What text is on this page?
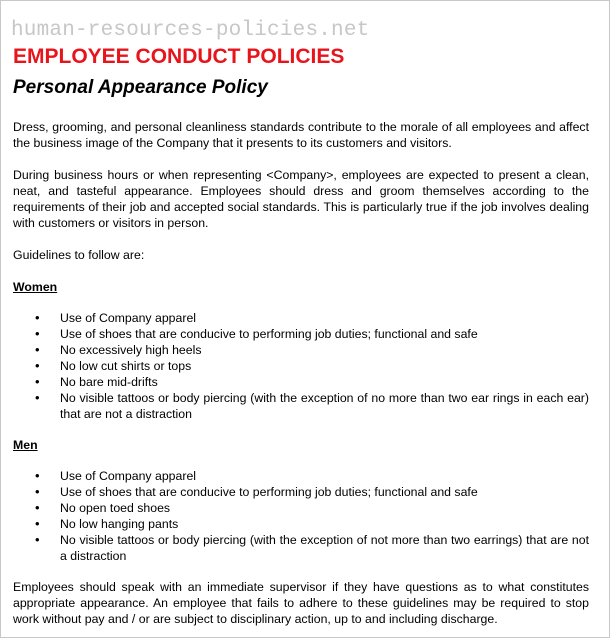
human-resources-policies.net
EMPLOYEE CONDUCT POLICIES
Personal Appearance Policy

Dress, grooming, and personal cleanliness standards contribute to the morale of all employees and affect the business image of the Company that it presents to its customers and visitors.

During business hours or when representing <Company>, employees are expected to present a clean, neat, and tasteful appearance. Employees should dress and groom themselves according to the requirements of their job and accepted social standards. This is particularly true if the job involves dealing with customers or visitors in person.

Guidelines to follow are:

Women
• Use of Company apparel
• Use of shoes that are conducive to performing job duties; functional and safe
• No excessively high heels
• No low cut shirts or tops
• No bare mid-drifts
• No visible tattoos or body piercing (with the exception of no more than two ear rings in each ear) that are not a distraction
Men
• Use of Company apparel
• Use of shoes that are conducive to performing job duties; functional and safe
• No open toed shoes
• No low hanging pants
• No visible tattoos or body piercing (with the exception of not more than two earrings) that are not a distraction

Employees should speak with an immediate supervisor if they have questions as to what constitutes appropriate appearance. An employee that fails to adhere to these guidelines may be required to stop work without pay and / or are subject to disciplinary action, up to and including discharge.
